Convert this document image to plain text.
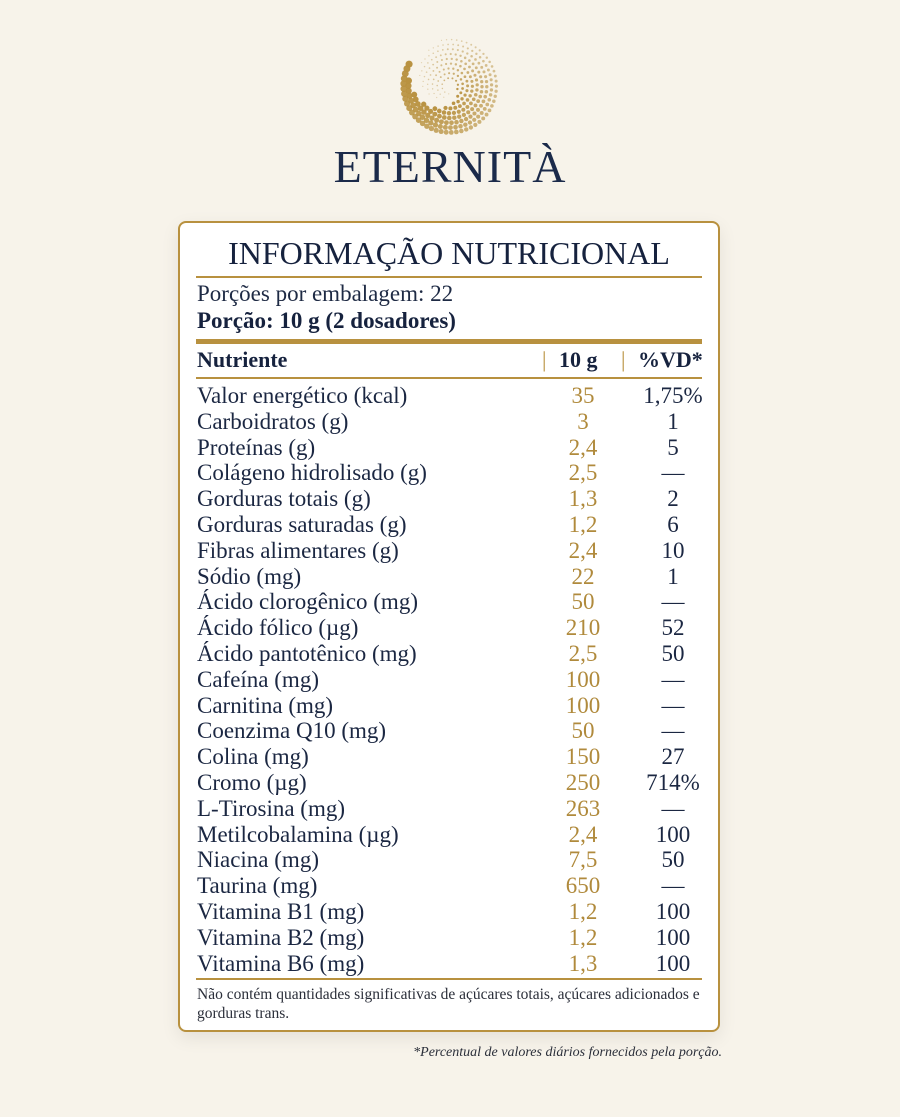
ETERNITÀ
INFORMAÇÃO NUTRICIONAL
Porções por embalagem: 22
Porção: 10 g (2 dosadores)
Nutriente	| 10 g | %VD*
Valor energético (kcal)	35	1,75%
Carboidratos (g)	3	1
Proteínas (g)	2,4	5
Colágeno hidrolisado (g)	2,5	—
Gorduras totais (g)	1,3	2
Gorduras saturadas (g)	1,2	6
Fibras alimentares (g)	2,4	10
Sódio (mg)	22	1
Ácido clorogênico (mg)	50	—
Ácido fólico (µg)	210	52
Ácido pantotênico (mg)	2,5	50
Cafeína (mg)	100	—
Carnitina (mg)	100	—
Coenzima Q10 (mg)	50	—
Colina (mg)	150	27
Cromo (µg)	250	714%
L-Tirosina (mg)	263	—
Metilcobalamina (µg)	2,4	100
Niacina (mg)	7,5	50
Taurina (mg)	650	—
Vitamina B1 (mg)	1,2	100
Vitamina B2 (mg)	1,2	100
Vitamina B6 (mg)	1,3	100
Não contém quantidades significativas de açúcares totais, açúcares adicionados e gorduras trans.
*Percentual de valores diários fornecidos pela porção.
